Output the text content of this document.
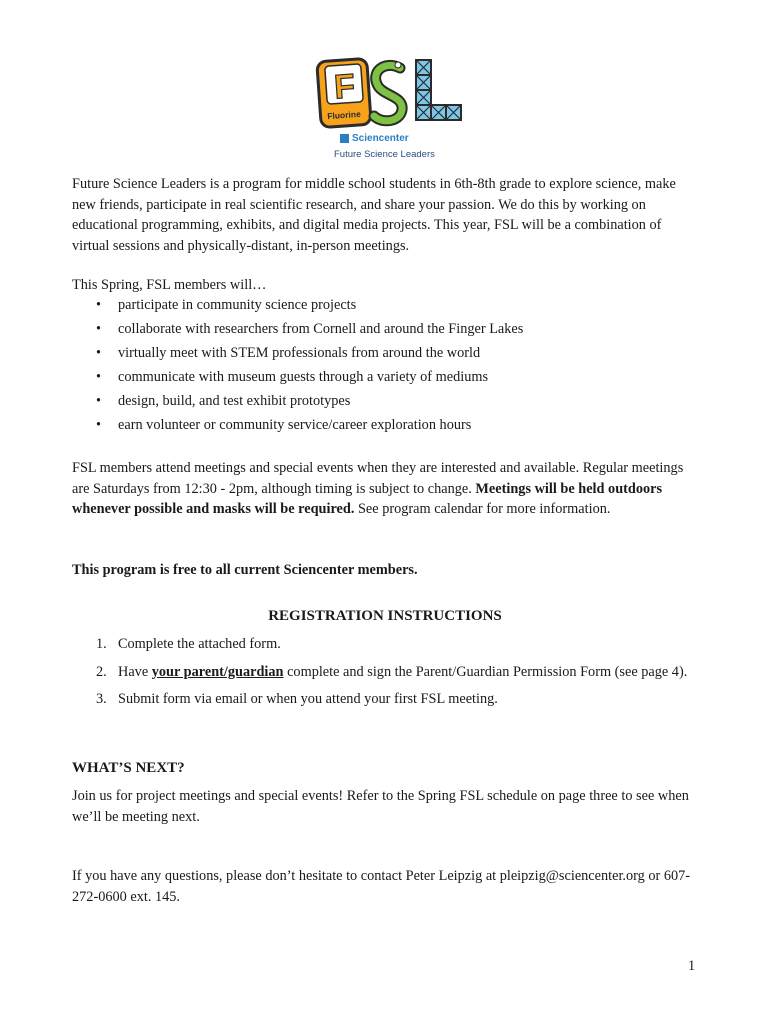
F
Fluorine
Sciencenter
Future Science Leaders
Future Science Leaders is a program for middle school students in 6th-8th grade to explore science, make new friends, participate in real scientific research, and share your passion. We do this by working on educational programming, exhibits, and digital media projects. This year, FSL will be a combination of virtual sessions and physically-distant, in-person meetings.
This Spring, FSL members will…
• participate in community science projects
• collaborate with researchers from Cornell and around the Finger Lakes
• virtually meet with STEM professionals from around the world
• communicate with museum guests through a variety of mediums
• design, build, and test exhibit prototypes
• earn volunteer or community service/career exploration hours
FSL members attend meetings and special events when they are interested and available. Regular meetings are Saturdays from 12:30 - 2pm, although timing is subject to change. Meetings will be held outdoors whenever possible and masks will be required. See program calendar for more information.
This program is free to all current Sciencenter members.
REGISTRATION INSTRUCTIONS
1. Complete the attached form.
2. Have your parent/guardian complete and sign the Parent/Guardian Permission Form (see page 4).
3. Submit form via email or when you attend your first FSL meeting.
WHAT’S NEXT?
Join us for project meetings and special events! Refer to the Spring FSL schedule on page three to see when we’ll be meeting next.
If you have any questions, please don’t hesitate to contact Peter Leipzig at pleipzig@sciencenter.org or 607-272-0600 ext. 145.
1
